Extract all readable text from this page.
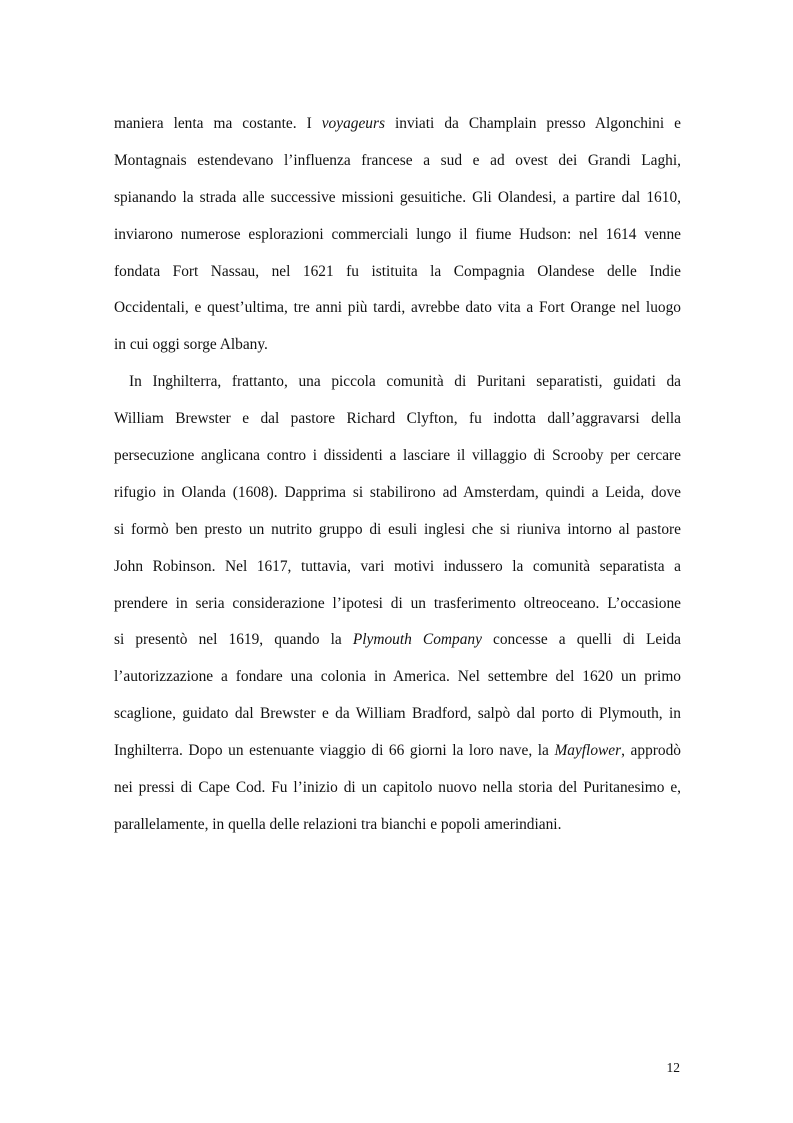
maniera lenta ma costante. I voyageurs inviati da Champlain presso Algonchini e
Montagnais estendevano l’influenza francese a sud e ad ovest dei Grandi Laghi,
spianando la strada alle successive missioni gesuitiche. Gli Olandesi, a partire dal 1610,
inviarono numerose esplorazioni commerciali lungo il fiume Hudson: nel 1614 venne
fondata Fort Nassau, nel 1621 fu istituita la Compagnia Olandese delle Indie
Occidentali, e quest’ultima, tre anni più tardi, avrebbe dato vita a Fort Orange nel luogo
in cui oggi sorge Albany.
In Inghilterra, frattanto, una piccola comunità di Puritani separatisti, guidati da
William Brewster e dal pastore Richard Clyfton, fu indotta dall’aggravarsi della
persecuzione anglicana contro i dissidenti a lasciare il villaggio di Scrooby per cercare
rifugio in Olanda (1608). Dapprima si stabilirono ad Amsterdam, quindi a Leida, dove
si formò ben presto un nutrito gruppo di esuli inglesi che si riuniva intorno al pastore
John Robinson. Nel 1617, tuttavia, vari motivi indussero la comunità separatista a
prendere in seria considerazione l’ipotesi di un trasferimento oltreoceano. L’occasione
si presentò nel 1619, quando la Plymouth Company concesse a quelli di Leida
l’autorizzazione a fondare una colonia in America. Nel settembre del 1620 un primo
scaglione, guidato dal Brewster e da William Bradford, salpò dal porto di Plymouth, in
Inghilterra. Dopo un estenuante viaggio di 66 giorni la loro nave, la Mayflower, approdò
nei pressi di Cape Cod. Fu l’inizio di un capitolo nuovo nella storia del Puritanesimo e,
parallelamente, in quella delle relazioni tra bianchi e popoli amerindiani.
12
